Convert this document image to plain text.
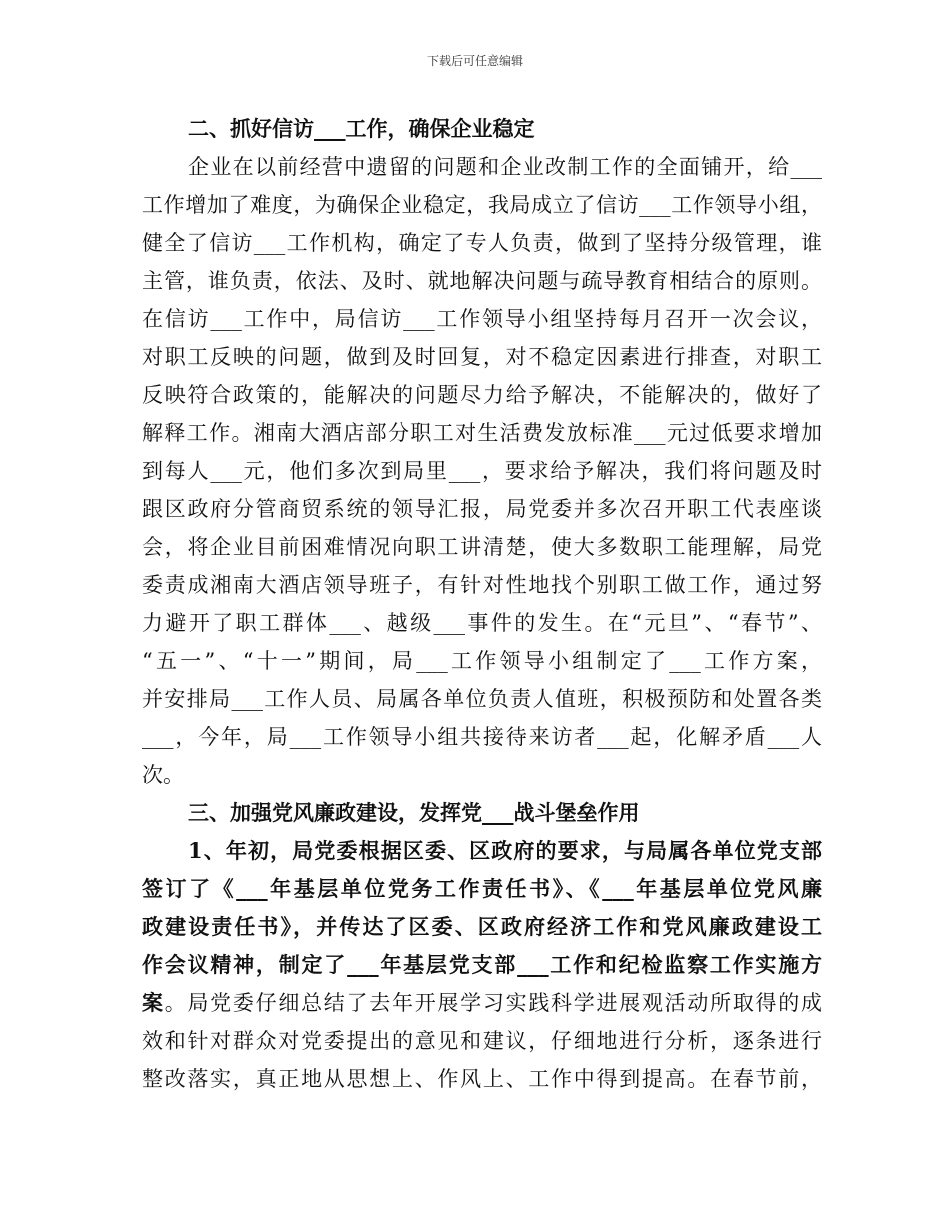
下载后可任意编辑
二、抓好信访___工作，确保企业稳定
企业在以前经营中遗留的问题和企业改制工作的全面铺开，给___
工作增加了难度，为确保企业稳定，我局成立了信访___工作领导小组，
健全了信访___工作机构，确定了专人负责，做到了坚持分级管理，谁
主管，谁负责，依法、及时、就地解决问题与疏导教育相结合的原则。
在信访___工作中，局信访___工作领导小组坚持每月召开一次会议，
对职工反映的问题，做到及时回复，对不稳定因素进行排查，对职工
反映符合政策的，能解决的问题尽力给予解决，不能解决的，做好了
解释工作。湘南大酒店部分职工对生活费发放标准___元过低要求增加
到每人___元，他们多次到局里___，要求给予解决，我们将问题及时
跟区政府分管商贸系统的领导汇报，局党委并多次召开职工代表座谈
会，将企业目前困难情况向职工讲清楚，使大多数职工能理解，局党
委责成湘南大酒店领导班子，有针对性地找个别职工做工作，通过努
力避开了职工群体___、越级___事件的发生。在“元旦”、“春节”、
“五一”、“十一”期间，局___工作领导小组制定了___工作方案，
并安排局___工作人员、局属各单位负责人值班，积极预防和处置各类
___，今年，局___工作领导小组共接待来访者___起，化解矛盾___人
次。
三、加强党风廉政建设，发挥党___战斗堡垒作用
1、年初，局党委根据区委、区政府的要求，与局属各单位党支部
签订了《___年基层单位党务工作责任书》、《___年基层单位党风廉
政建设责任书》，并传达了区委、区政府经济工作和党风廉政建设工
作会议精神，制定了___年基层党支部___工作和纪检监察工作实施方
案。局党委仔细总结了去年开展学习实践科学进展观活动所取得的成
效和针对群众对党委提出的意见和建议，仔细地进行分析，逐条进行
整改落实，真正地从思想上、作风上、工作中得到提高。在春节前，
